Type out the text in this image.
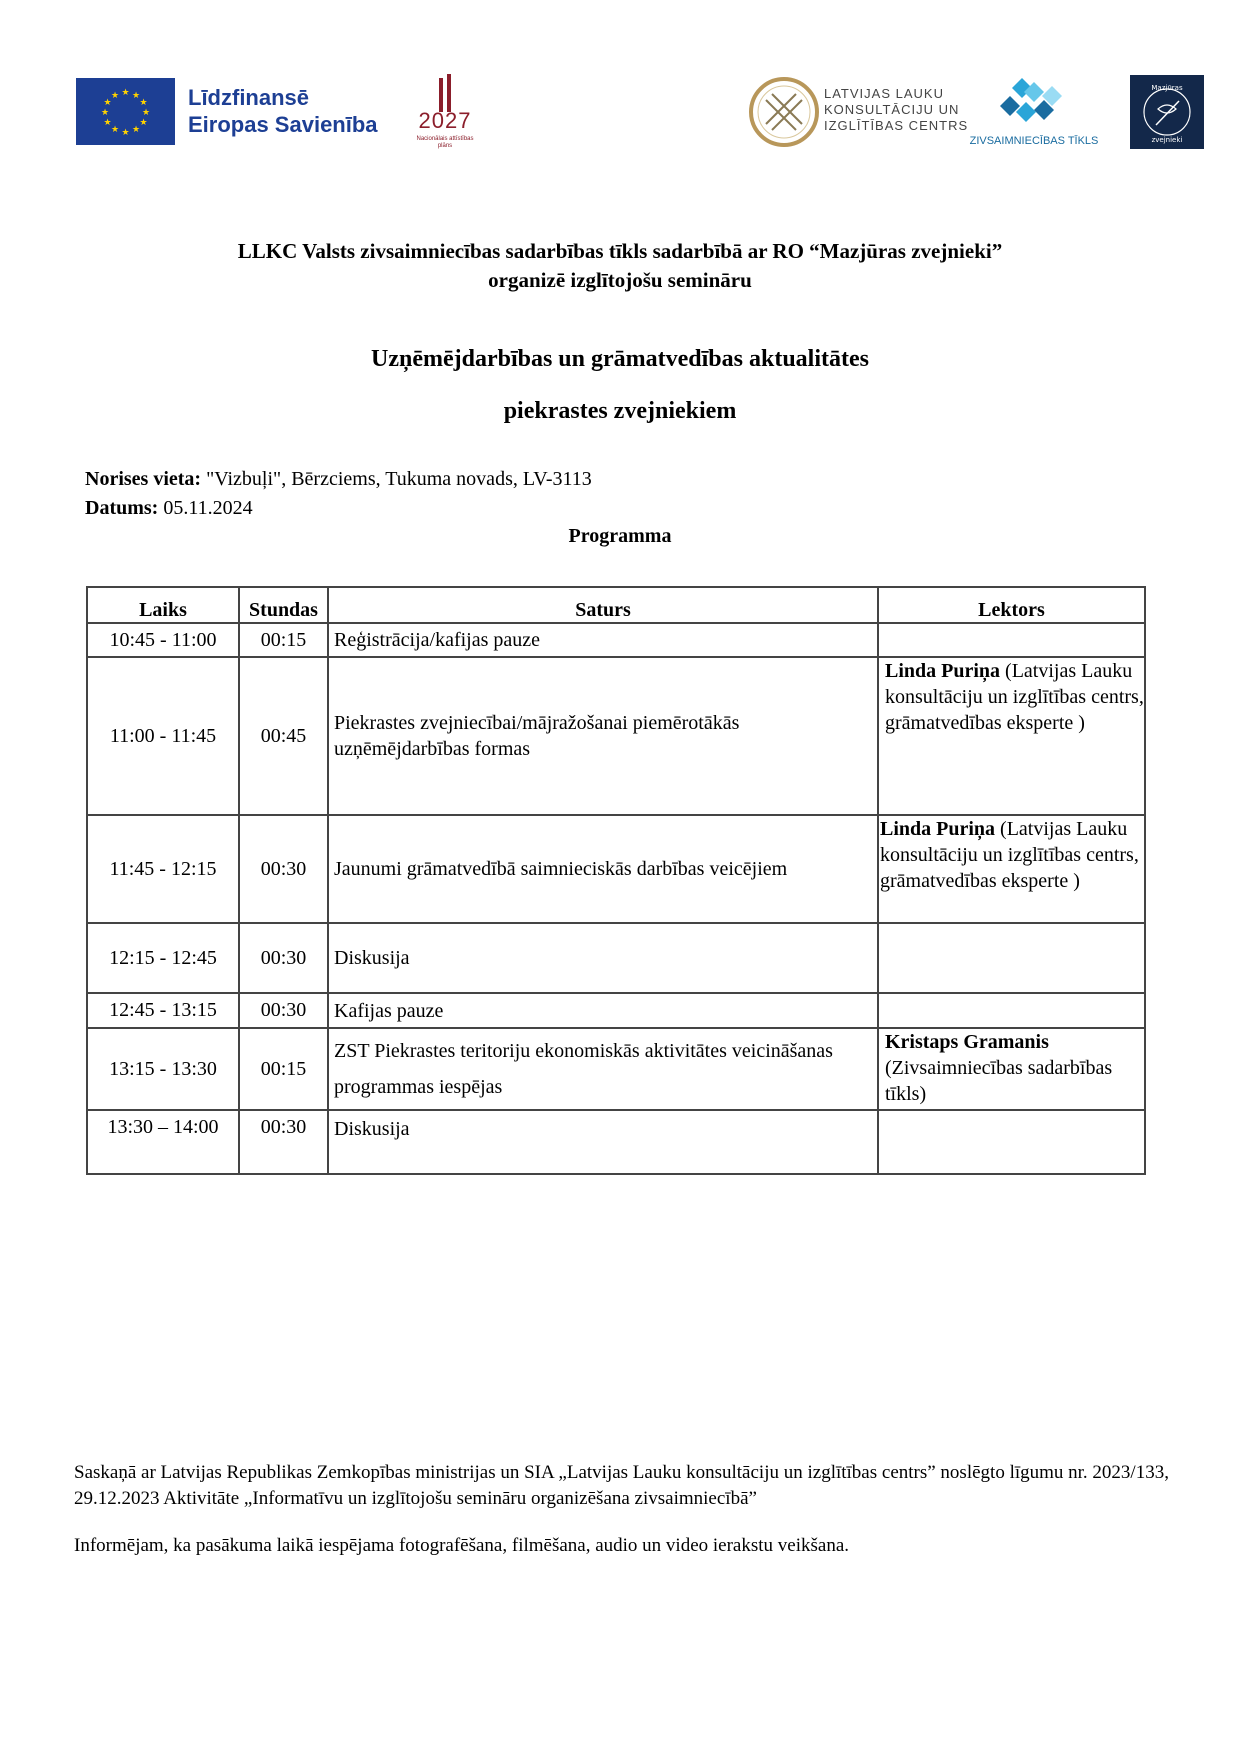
★ ★
★
★
★
★
★
★
★
★
★
★	Līdzfinansē
Eiropas Savienība	2027
Nacionālais attīstības plāns
LATVIJAS LAUKU
KONSULTĀCIJU UN
IZGLĪTĪBAS CENTRS
ZIVSAIMNIECĪBAS TĪKLS
Mazjūras
zvejnieki
LLKC Valsts zivsaimniecības sadarbības tīkls sadarbībā ar RO “Mazjūras zvejnieki”
organizē izglītojošu semināru
Uzņēmējdarbības un grāmatvedības aktualitātes
piekrastes zvejniekiem
Norises vieta: "Vizbuļi", Bērzciems, Tukuma novads, LV-3113
Datums: 05.11.2024
Programma
Laiks	Stundas	Saturs	Lektors
10:45 - 11:00	00:15	Reģistrācija/kafijas pauze	
11:00 - 11:45	00:45	Piekrastes zvejniecībai/mājražošanai piemērotākās uzņēmējdarbības formas	Linda Puriņa (Latvijas Lauku konsultāciju un izglītības centrs, grāmatvedības eksperte )
11:45 - 12:15	00:30	Jaunumi grāmatvedībā saimnieciskās darbības veicējiem	Linda Puriņa (Latvijas Lauku konsultāciju un izglītības centrs, grāmatvedības eksperte )
12:15 - 12:45	00:30	Diskusija	
12:45 - 13:15	00:30	Kafijas pauze	
13:15 - 13:30	00:15	ZST Piekrastes teritoriju ekonomiskās aktivitātes veicināšanas programmas iespējas	Kristaps Gramanis (Zivsaimniecības sadarbības tīkls)
13:30 – 14:00	00:30	Diskusija	
Saskaņā ar Latvijas Republikas Zemkopības ministrijas un SIA „Latvijas Lauku konsultāciju un izglītības centrs” noslēgto līgumu nr. 2023/133, 29.12.2023 Aktivitāte „Informatīvu un izglītojošu semināru organizēšana zivsaimniecībā”
Informējam, ka pasākuma laikā iespējama fotografēšana, filmēšana, audio un video ierakstu veikšana.
